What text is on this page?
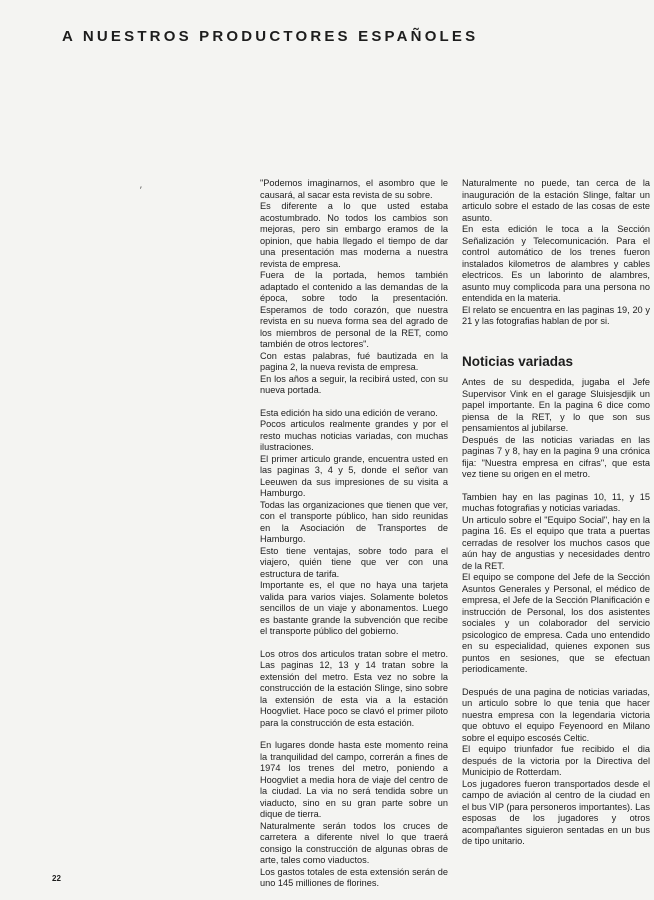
A NUESTROS PRODUCTORES ESPAÑOLES

"Podemos imaginarnos, el asombro que le causará, al sacar esta revista de su sobre.

Es diferente a lo que usted estaba acostumbrado. No todos los cambios son mejoras, pero sin embargo eramos de la opinion, que habia llegado el tiempo de dar una presentación mas moderna a nuestra revista de empresa.

Fuera de la portada, hemos también adaptado el contenido a las demandas de la época, sobre todo la presentación. Esperamos de todo corazón, que nuestra revista en su nueva forma sea del agrado de los miembros de personal de la RET, como también de otros lectores".

Con estas palabras, fué bautizada en la pagina 2, la nueva revista de empresa.

En los años a seguir, la recibirá usted, con su nueva portada.

Esta edición ha sido una edición de verano.

Pocos articulos realmente grandes y por el resto muchas noticias variadas, con muchas ilustraciones.

El primer articulo grande, encuentra usted en las paginas 3, 4 y 5, donde el señor van Leeuwen da sus impresiones de su visita a Hamburgo.

Todas las organizaciones que tienen que ver, con el transporte público, han sido reunidas en la Asociación de Transportes de Hamburgo.

Esto tiene ventajas, sobre todo para el viajero, quién tiene que ver con una estructura de tarifa.

Importante es, el que no haya una tarjeta valida para varios viajes. Solamente boletos sencillos de un viaje y abonamentos. Luego es bastante grande la subvención que recibe el transporte público del gobierno.

Los otros dos articulos tratan sobre el metro. Las paginas 12, 13 y 14 tratan sobre la extensión del metro. Esta vez no sobre la construcción de la estación Slinge, sino sobre la extensión de esta via a la estación Hoogvliet. Hace poco se clavó el primer piloto para la construcción de esta estación.

En lugares donde hasta este momento reina la tranquilidad del campo, correrán a fines de 1974 los trenes del metro, poniendo a Hoogvliet a media hora de viaje del centro de la ciudad. La via no será tendida sobre un viaducto, sino en su gran parte sobre un dique de tierra.

Naturalmente serán todos los cruces de carretera a diferente nivel lo que traerá consigo la construcción de algunas obras de arte, tales como viaductos.

Los gastos totales de esta extensión serán de uno 145 milliones de florines.

Naturalmente no puede, tan cerca de la inauguración de la estación Slinge, faltar un articulo sobre el estado de las cosas de este asunto.

En esta edición le toca a la Sección Señalización y Telecomunicación. Para el control automático de los trenes fueron instalados kilometros de alambres y cables electricos. Es un laborinto de alambres, asunto muy complicoda para una persona no entendida en la materia.

El relato se encuentra en las paginas 19, 20 y 21 y las fotografias hablan de por si.

Noticias variadas

Antes de su despedida, jugaba el Jefe Supervisor Vink en el garage Sluisjesdjik un papel importante. En la pagina 6 dice como piensa de la RET, y lo que son sus pensamientos al jubilarse.

Después de las noticias variadas en las paginas 7 y 8, hay en la pagina 9 una crónica fija: "Nuestra empresa en cifras", que esta vez tiene su origen en el metro.

Tambien hay en las paginas 10, 11, y 15 muchas fotografias y noticias variadas.

Un articulo sobre el "Equipo Social", hay en la pagina 16. Es el equipo que trata a puertas cerradas de resolver los muchos casos que aún hay de angustias y necesidades dentro de la RET.

El equipo se compone del Jefe de la Sección Asuntos Generales y Personal, el médico de empresa, el Jefe de la Sección Planificación e instrucción de Personal, los dos asistentes sociales y un colaborador del servicio psicologico de empresa. Cada uno entendido en su especialidad, quienes exponen sus puntos en sesiones, que se efectuan periodicamente.

Después de una pagina de noticias variadas, un articulo sobre lo que tenia que hacer nuestra empresa con la legendaria victoria que obtuvo el equipo Feyenoord en Milano sobre el equipo escosés Celtic.

El equipo triunfador fue recibido el dia después de la victoria por la Directiva del Municipio de Rotterdam.

Los jugadores fueron transportados desde el campo de aviación al centro de la ciudad en el bus VIP (para personeros importantes). Las esposas de los jugadores y otros acompañantes siguieron sentadas en un bus de tipo unitario.

′
22
